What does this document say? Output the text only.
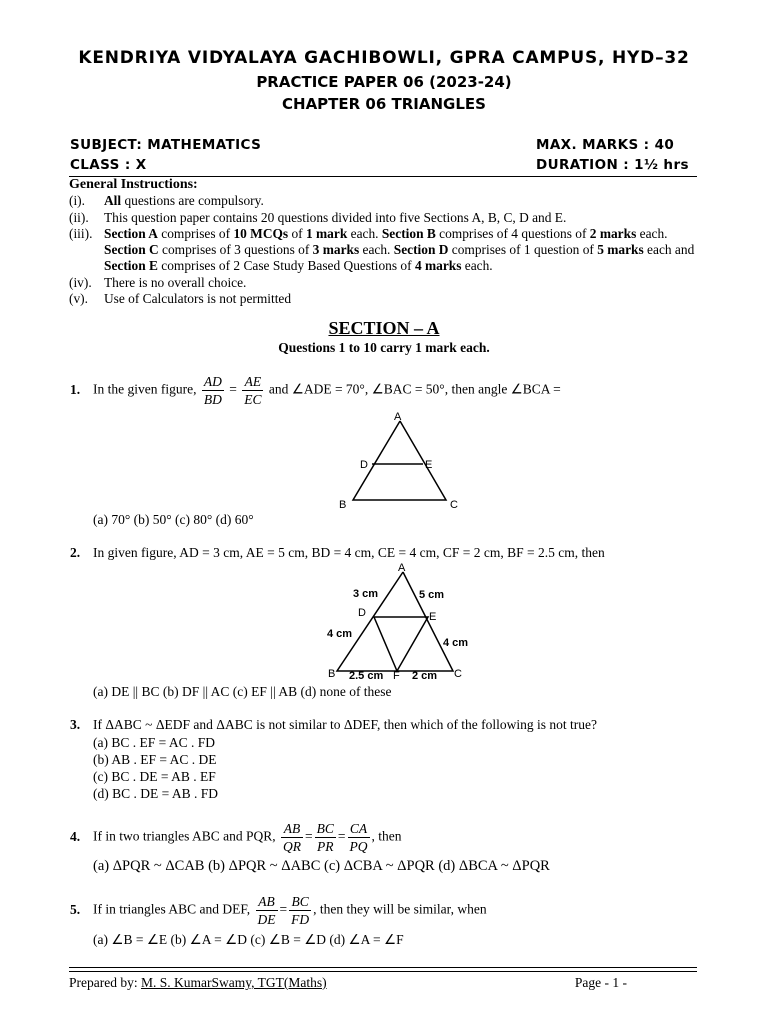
KENDRIYA VIDYALAYA GACHIBOWLI, GPRA CAMPUS, HYD–32
PRACTICE PAPER 06 (2023-24)
CHAPTER 06 TRIANGLES
SUBJECT: MATHEMATICS	MAX. MARKS : 40
CLASS : X	DURATION : 1½ hrs
General Instructions:
(i).	All questions are compulsory.
(ii).	This question paper contains 20 questions divided into five Sections A, B, C, D and E.
(iii). Section A comprises of 10 MCQs of 1 mark each. Section B comprises of 4 questions of 2 marks each. Section C comprises of 3 questions of 3 marks each. Section D comprises of 1 question of 5 marks each and Section E comprises of 2 Case Study Based Questions of 4 marks each.
(iv). There is no overall choice.
(v).	Use of Calculators is not permitted
SECTION – A
Questions 1 to 10 carry 1 mark each.
1. In the given figure, $\frac{AD}{BD} = \frac{AE}{EC}$ and ∠ADE = 70°, ∠BAC = 50°, then angle ∠BCA =
A
D	E
B	C
(a) 70° (b) 50° (c) 80° (d) 60°
2. In given figure, AD = 3 cm, AE = 5 cm, BD = 4 cm, CE = 4 cm, CF = 2 cm, BF = 2.5 cm, then
A
D	E
B	C
F
3 cm	5 cm
4 cm
4 cm
2.5 cm	2 cm
(a) DE || BC (b) DF || AC (c) EF || AB (d) none of these
3. If ΔABC ~ ΔEDF and ΔABC is not similar to ΔDEF, then which of the following is not true?
(a) BC . EF = AC . FD
(b) AB . EF = AC . DE
(c) BC . DE = AB . EF
(d) BC . DE = AB . FD
4. If in two triangles ABC and PQR, $\frac{AB}{QR} = \frac{BC}{PR} = \frac{CA}{PQ}$ , then
(a) ΔPQR ~ ΔCAB (b) ΔPQR ~ ΔABC (c) ΔCBA ~ ΔPQR (d) ΔBCA ~ ΔPQR
5. If in triangles ABC and DEF, $\frac{AB}{DE} = \frac{BC}{FD}$ , then they will be similar, when
(a) ∠B = ∠E (b) ∠A = ∠D (c) ∠B = ∠D (d) ∠A = ∠F
Prepared by: M. S. KumarSwamy, TGT(Maths)	Page - 1 -
